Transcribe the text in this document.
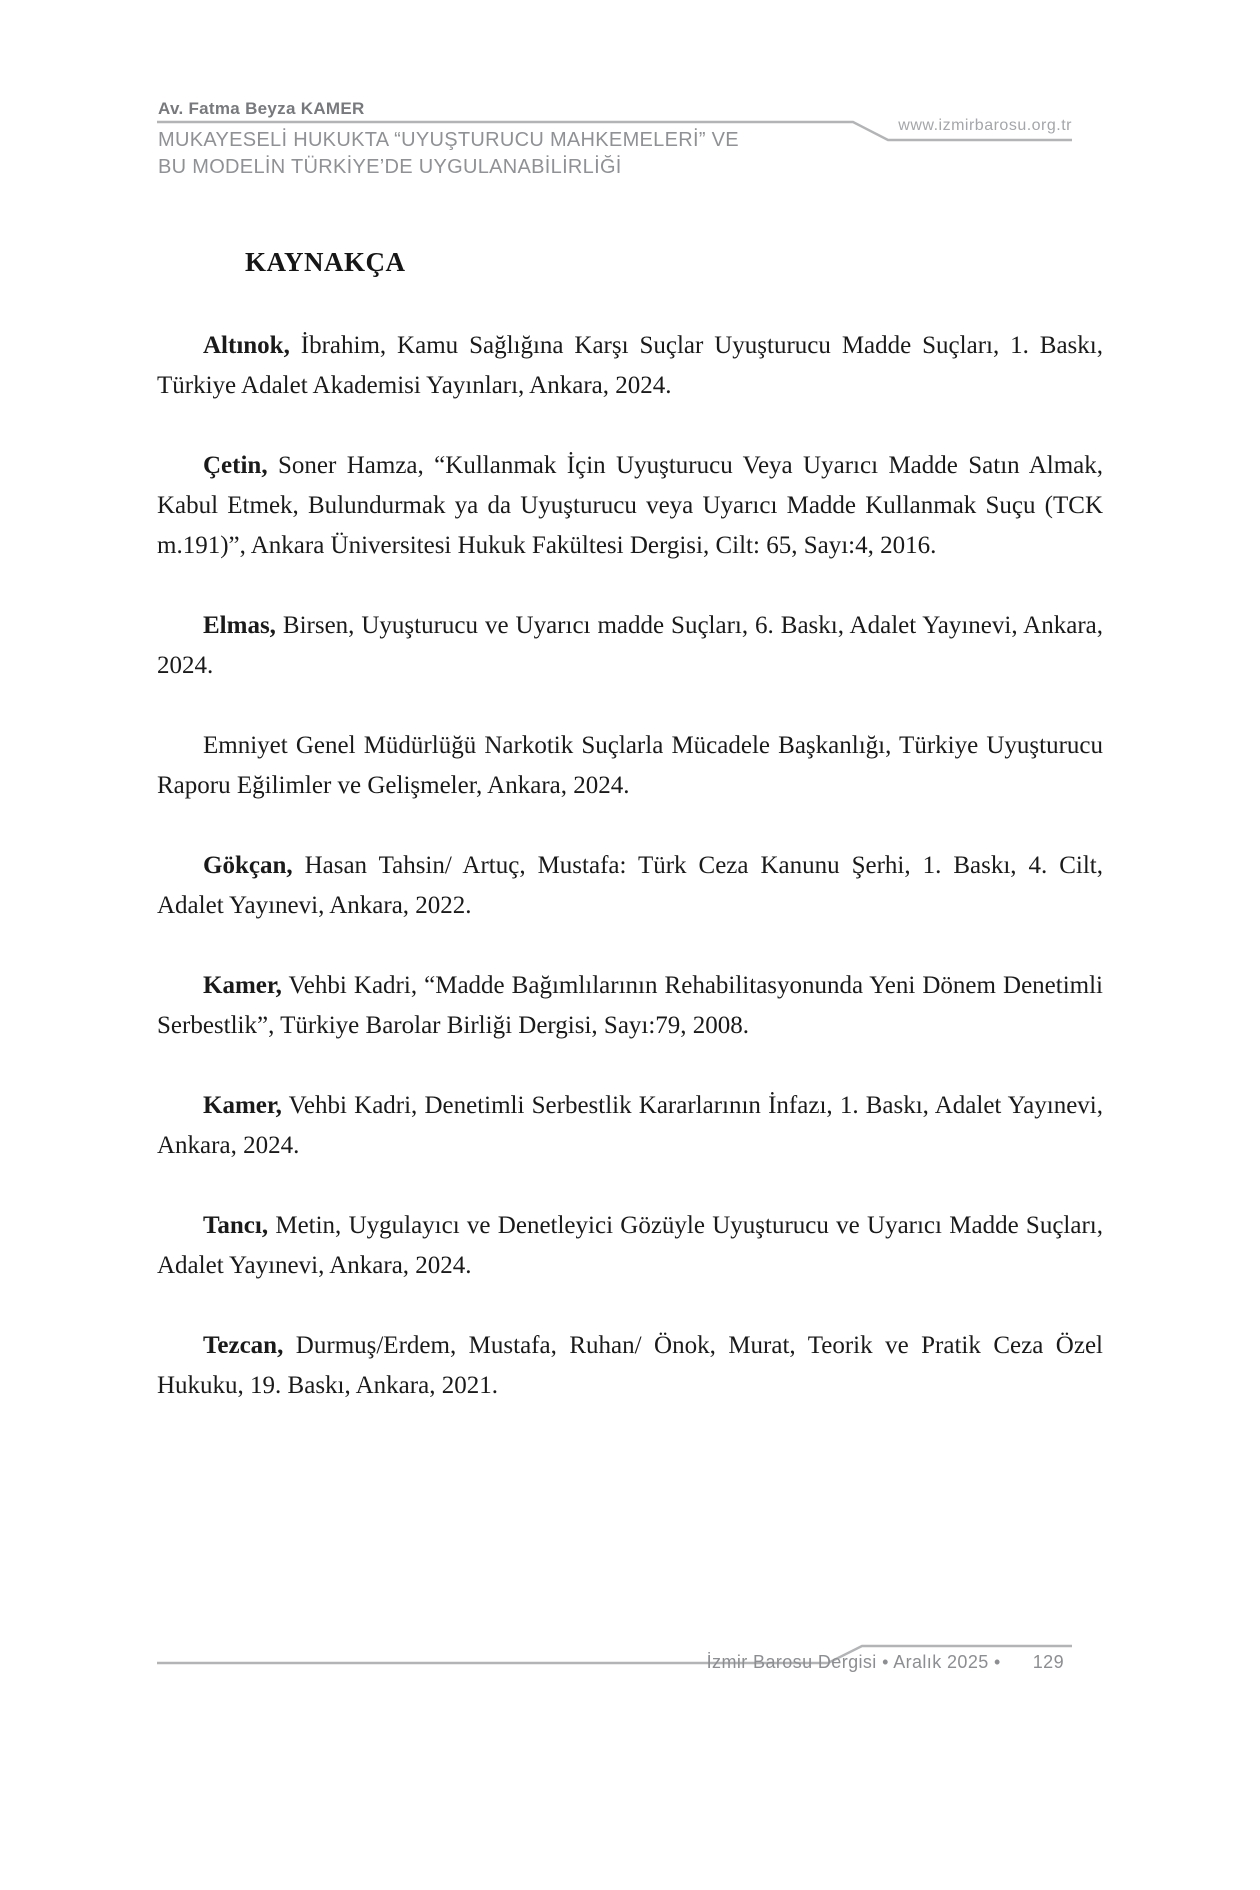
Av. Fatma Beyza KAMER
www.izmirbarosu.org.tr
MUKAYESELİ HUKUKTA “UYUŞTURUCU MAHKEMELERİ” VE
BU MODELİN TÜRKİYE’DE UYGULANABİLİRLİĞİ
KAYNAKÇA

Altınok, İbrahim, Kamu Sağlığına Karşı Suçlar Uyuşturucu Madde Suçları, 1. Baskı, Türkiye Adalet Akademisi Yayınları, Ankara, 2024.

Çetin, Soner Hamza, “Kullanmak İçin Uyuşturucu Veya Uyarıcı Madde Satın Almak, Kabul Etmek, Bulundurmak ya da Uyuşturucu veya Uyarıcı Madde Kullanmak Suçu (TCK m.191)”, Ankara Üniversitesi Hukuk Fakültesi Dergisi, Cilt: 65, Sayı:4, 2016.

Elmas, Birsen, Uyuşturucu ve Uyarıcı madde Suçları, 6. Baskı, Adalet Yayınevi, Ankara, 2024.

Emniyet Genel Müdürlüğü Narkotik Suçlarla Mücadele Başkanlığı, Türkiye Uyuşturucu Raporu Eğilimler ve Gelişmeler, Ankara, 2024.

Gökçan, Hasan Tahsin/ Artuç, Mustafa: Türk Ceza Kanunu Şerhi, 1. Baskı, 4. Cilt, Adalet Yayınevi, Ankara, 2022.

Kamer, Vehbi Kadri, “Madde Bağımlılarının Rehabilitasyonunda Yeni Dönem Denetimli Serbestlik”, Türkiye Barolar Birliği Dergisi, Sayı:79, 2008.

Kamer, Vehbi Kadri, Denetimli Serbestlik Kararlarının İnfazı, 1. Baskı, Adalet Yayınevi, Ankara, 2024.

Tancı, Metin, Uygulayıcı ve Denetleyici Gözüyle Uyuşturucu ve Uyarıcı Madde Suçları, Adalet Yayınevi, Ankara, 2024.

Tezcan, Durmuş/Erdem, Mustafa, Ruhan/ Önok, Murat, Teorik ve Pratik Ceza Özel Hukuku, 19. Baskı, Ankara, 2021.

İzmir Barosu Dergisi • Aralık 2025 • 129
